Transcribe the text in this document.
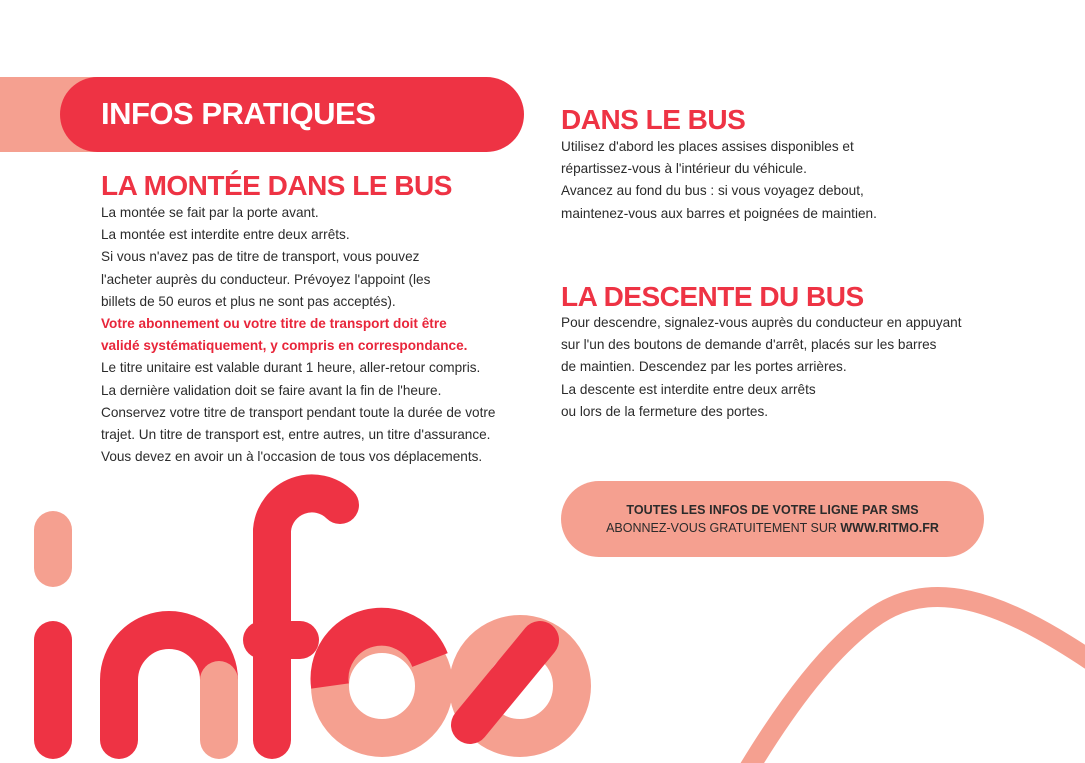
INFOS PRATIQUES
LA MONTÉE DANS LE BUS

La montée se fait par la porte avant.
La montée est interdite entre deux arrêts.
Si vous n'avez pas de titre de transport, vous pouvez
l'acheter auprès du conducteur. Prévoyez l'appoint (les
billets de 50 euros et plus ne sont pas acceptés).
Votre abonnement ou votre titre de transport doit être
validé systématiquement, y compris en correspondance.
Le titre unitaire est valable durant 1 heure, aller-retour compris.
La dernière validation doit se faire avant la fin de l'heure.
Conservez votre titre de transport pendant toute la durée de votre
trajet. Un titre de transport est, entre autres, un titre d'assurance.
Vous devez en avoir un à l'occasion de tous vos déplacements.

DANS LE BUS

Utilisez d'abord les places assises disponibles et
répartissez-vous à l'intérieur du véhicule.
Avancez au fond du bus : si vous voyagez debout,
maintenez-vous aux barres et poignées de maintien.

LA DESCENTE DU BUS

Pour descendre, signalez-vous auprès du conducteur en appuyant
sur l'un des boutons de demande d'arrêt, placés sur les barres
de maintien. Descendez par les portes arrières.
La descente est interdite entre deux arrêts
ou lors de la fermeture des portes.

TOUTES LES INFOS DE VOTRE LIGNE PAR SMS
ABONNEZ-VOUS GRATUITEMENT SUR WWW.RITMO.FR
